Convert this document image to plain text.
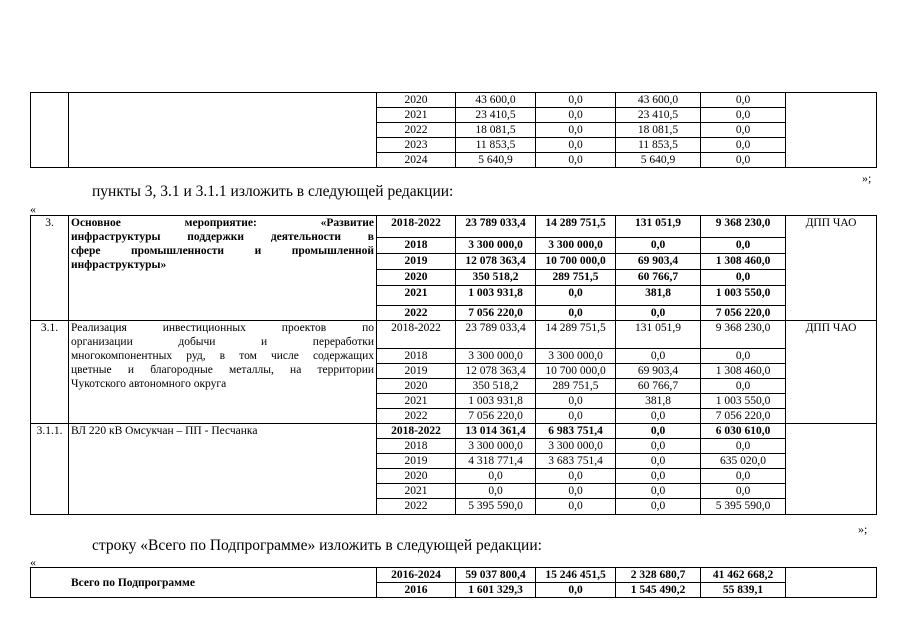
		2020	43 600,0	0,0	43 600,0	0,0	
		2021	23 410,5	0,0	23 410,5	0,0	
		2022	18 081,5	0,0	18 081,5	0,0	
		2023	11 853,5	0,0	11 853,5	0,0	
		2024	5 640,9	0,0	5 640,9	0,0	
»;
пункты 3, 3.1 и 3.1.1 изложить в следующей редакции:
«
3.	Основное мероприятие: «Развитие
инфраструктуры поддержки деятельности в
сфере промышленности и промышленной
инфраструктуры»	2018-2022	23 789 033,4	14 289 751,5	131 051,9	9 368 230,0	ДПП ЧАО
		2018	3 300 000,0	3 300 000,0	0,0	0,0	
		2019	12 078 363,4	10 700 000,0	69 903,4	1 308 460,0	
		2020	350 518,2	289 751,5	60 766,7	0,0	
		2021	1 003 931,8	0,0	381,8	1 003 550,0	
		2022	7 056 220,0	0,0	0,0	7 056 220,0	
3.1.	Реализация инвестиционных проектов по
организации добычи и переработки
многокомпонентных руд, в том числе содержащих
цветные и благородные металлы, на территории
Чукотского автономного округа	2018-2022	23 789 033,4	14 289 751,5	131 051,9	9 368 230,0	ДПП ЧАО
		2018	3 300 000,0	3 300 000,0	0,0	0,0	
		2019	12 078 363,4	10 700 000,0	69 903,4	1 308 460,0	
		2020	350 518,2	289 751,5	60 766,7	0,0	
		2021	1 003 931,8	0,0	381,8	1 003 550,0	
		2022	7 056 220,0	0,0	0,0	7 056 220,0	
3.1.1.	ВЛ 220 кВ Омсукчан – ПП - Песчанка	2018-2022	13 014 361,4	6 983 751,4	0,0	6 030 610,0	
		2018	3 300 000,0	3 300 000,0	0,0	0,0	
		2019	4 318 771,4	3 683 751,4	0,0	635 020,0	
		2020	0,0	0,0	0,0	0,0	
		2021	0,0	0,0	0,0	0,0	
		2022	5 395 590,0	0,0	0,0	5 395 590,0	
»;
строку «Всего по Подпрограмме» изложить в следующей редакции:
«
Всего по Подпрограмме	2016-2024	59 037 800,4	15 246 451,5	2 328 680,7	41 462 668,2	
	2016	1 601 329,3	0,0	1 545 490,2	55 839,1	
